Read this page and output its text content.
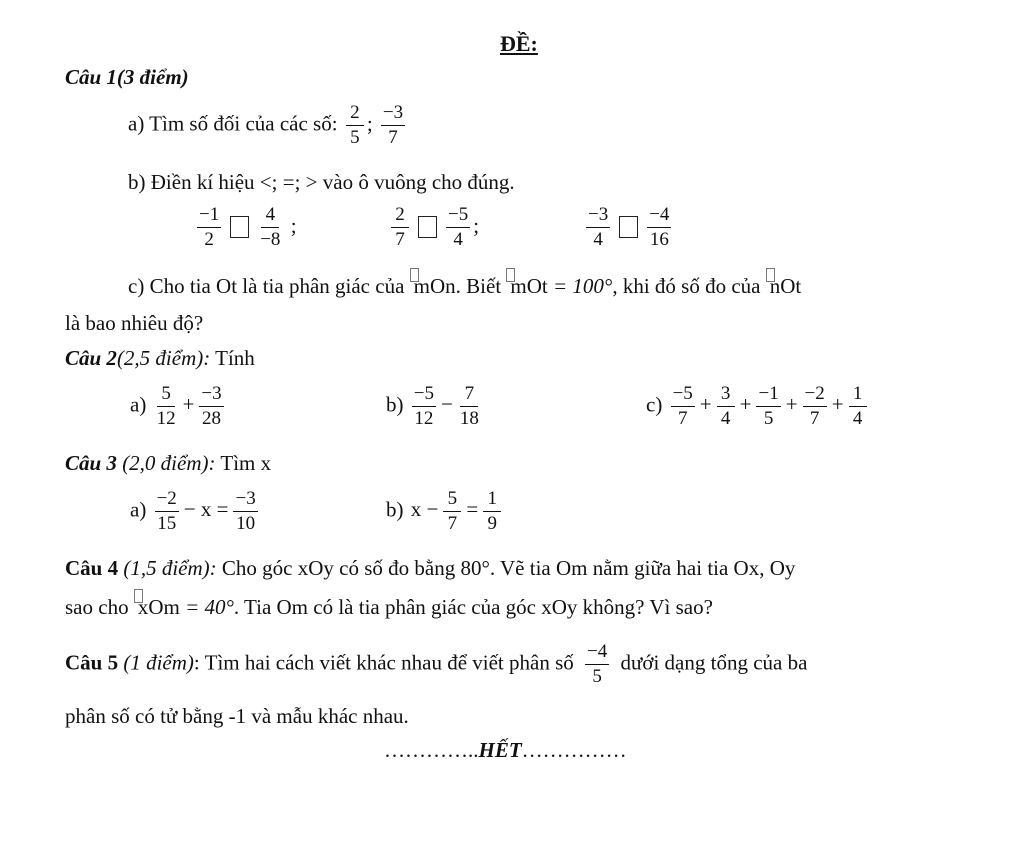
ĐỀ:
Câu 1(3 điểm)
a) Tìm số đối của các số: $\frac{2}{5}$ ; $\frac{-3}{7}$
b) Điền kí hiệu <; =; > vào ô vuông cho đúng.
$\frac{-1}{2} \frac{4}{-8}$ ;	$\frac{2}{7} \frac{-5}{4}$ ;	$\frac{-3}{4} \frac{-4}{16}$
c) Cho tia Ot là tia phân giác của mOn. Biết mOt = 100°, khi đó số đo của nOt
là bao nhiêu độ?
Câu 2(2,5 điểm): Tính
$a) \frac{5}{12} + \frac{-3}{28}$	$b) \frac{-5}{12} - \frac{7}{18}$	$c) \frac{-5}{7} + \frac{3}{4} + \frac{-1}{5} + \frac{-2}{7} + \frac{1}{4}$
Câu 3 (2,0 điểm): Tìm x
$a) \frac{-2}{15} - x = \frac{-3}{10}$	b) $x - \frac{5}{7} = \frac{1}{9}$
Câu 4 (1,5 điểm): Cho góc xOy có số đo bằng 80°. Vẽ tia Om nằm giữa hai tia Ox, Oy
sao cho xOm = 40°. Tia Om có là tia phân giác của góc xOy không? Vì sao?
Câu 5 (1 điểm): Tìm hai cách viết khác nhau để viết phân số $\frac{-4}{5}$ dưới dạng tổng của ba
phân số có tử bằng -1 và mẫu khác nhau.
…………..HẾT……………
